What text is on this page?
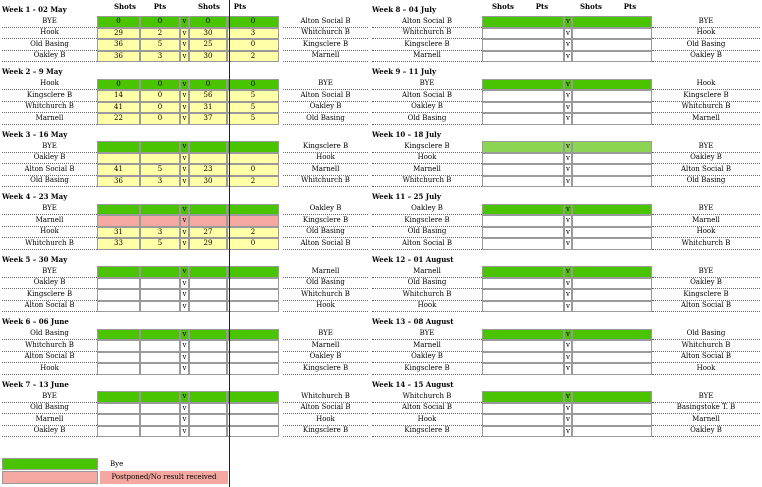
Shots	Pts	Shots	Pts	Shots	Pts	Shots	Pts
Week 1 - 02 May
BYE	0	0	v	0	0	Alton Social B
Hook	29	2	v	30	3	Whitchurch B
Old Basing	36	5	v	25	0	Kingsclere B
Oakley B	36	3	v	30	2	Marnell
Week 2 – 9 May
Hook	0	0	v	0	0	BYE
Kingsclere B	14	0	v	56	5	Alton Social B
Whitchurch B	41	0	v	31	5	Oakley B
Marnell	22	0	v	37	5	Old Basing
Week 3 – 16 May
BYE	v	Kingsclere B
Oakley B	v	Hook
Alton Social B	41	5	v	23	0	Marnell
Old Basing	36	3	v	30	2	Whitchurch B
Week 4 – 23 May
BYE	v	Oakley B
Marnell	v	Kingsclere B
Hook	31	3	v	27	2	Old Basing
Whitchurch B	33	5	v	29	0	Alton Social B
Week 5 – 30 May
BYE	v	Marnell
Oakley B	v	Old Basing
Kingsclere B	v	Whitchurch B
Alton Social B	v	Hook
Week 6 – 06 June
Old Basing	v	BYE
Whitchurch B	v	Marnell
Alton Social B	v	Oakley B
Hook	v	Kingsclere B
Week 7 – 13 June
BYE	v	Whitchurch B
Old Basing	v	Alton Social B
Marnell	v	Hook
Oakley B	v	Kingsclere B
Week 8 – 04 July
Alton Social B	v	BYE
Whitchurch B	v	Hook
Kingsclere B	v	Old Basing
Marnell	v	Oakley B
Week 9 – 11 July
BYE	v	Hook
Alton Social B	v	Kingsclere B
Oakley B	v	Whitchurch B
Old Basing	v	Marnell
Week 10 – 18 July
Kingsclere B	v	BYE
Hook	v	Oakley B
Marnell	v	Alton Social B
Whitchurch B	v	Old Basing
Week 11 – 25 July
Oakley B	v	BYE
Kingsclere B	v	Marnell
Old Basing	v	Hook
Alton Social B	v	Whitchurch B
Week 12 – 01 August
Marnell	v	BYE
Old Basing	v	Oakley B
Whitchurch B	v	Kingsclere B
Hook	v	Alton Social B
Week 13 – 08 August
BYE	v	Old Basing
Marnell	v	Whitchurch B
Oakley B	v	Alton Social B
Kingsclere B	v	Hook
Week 14 – 15 August
Whitchurch B	v	BYE
Alton Social B	v	Basingstoke T. B
Hook	v	Marnell
Kingsclere B	v	Oakley B
Bye
Postponed/No result received
